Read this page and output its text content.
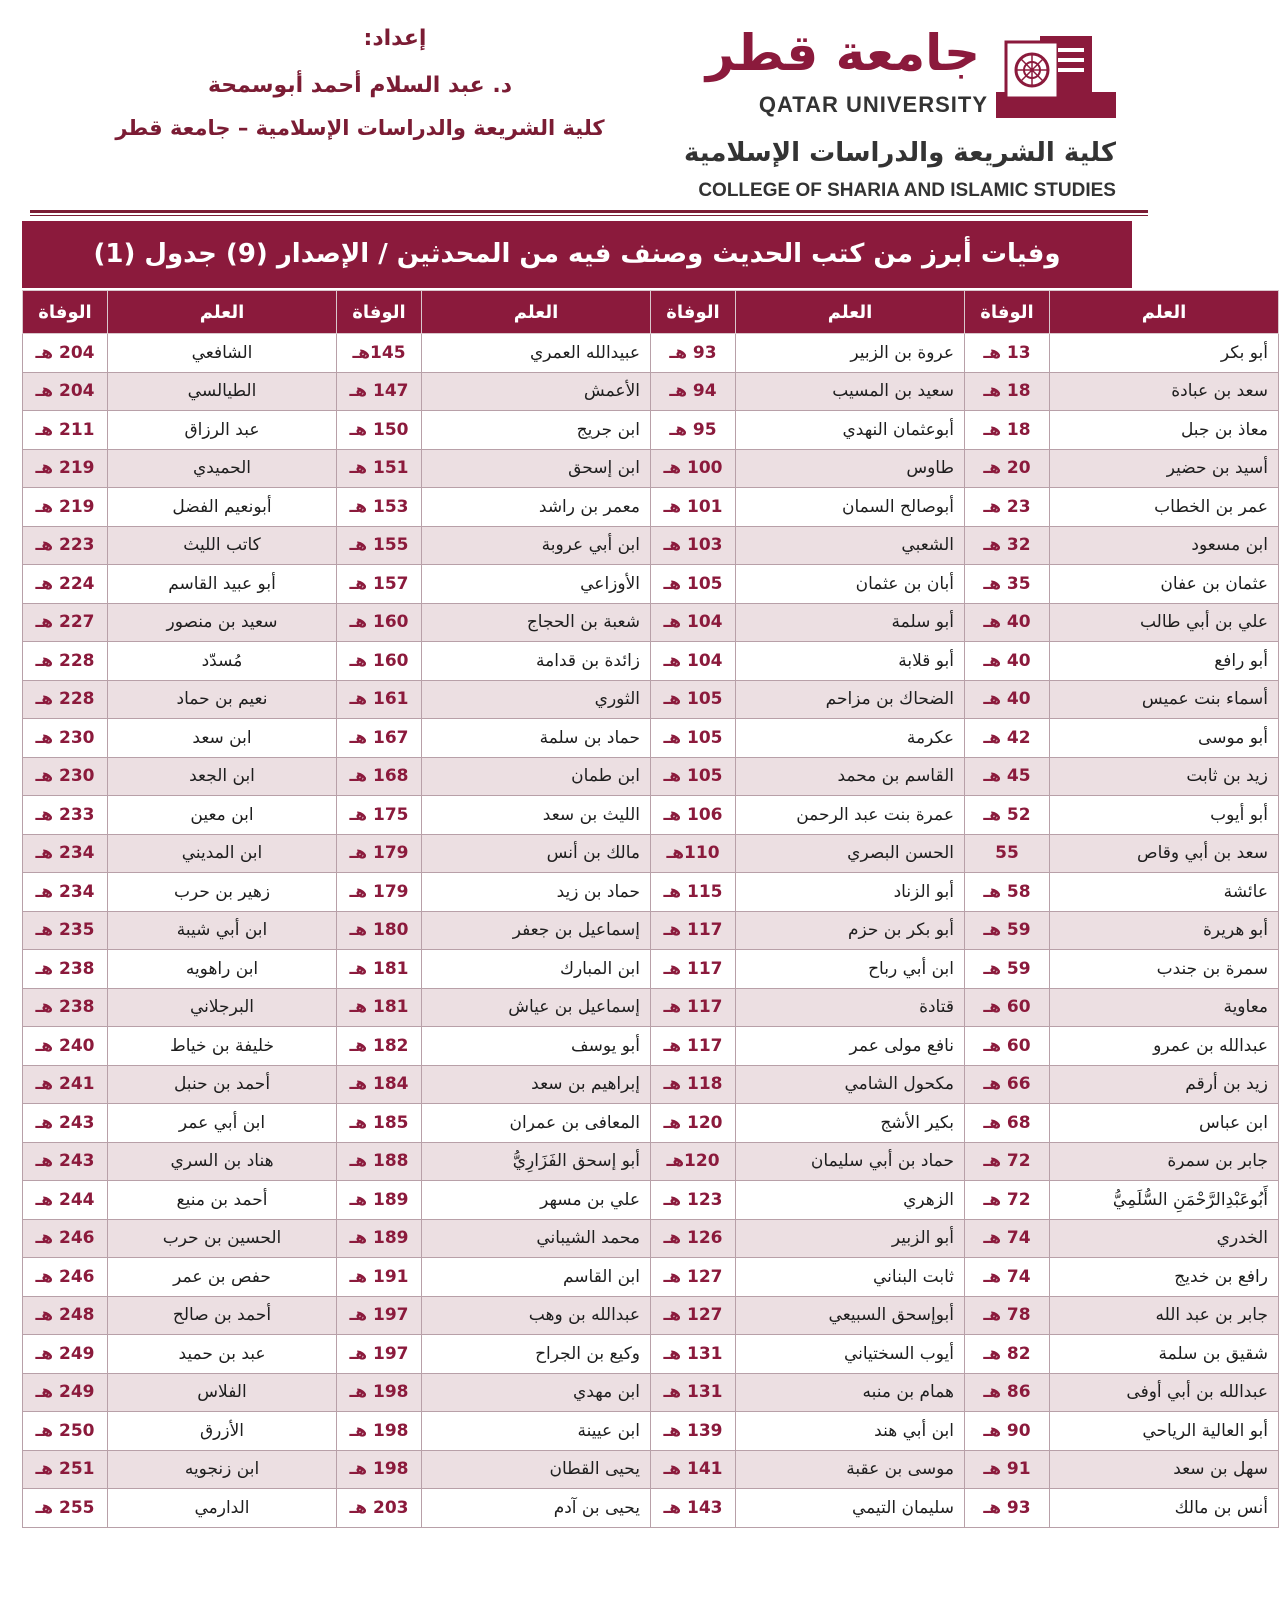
جامعة قطر
QATAR UNIVERSITY
كلية الشريعة والدراسات الإسلامية
COLLEGE OF SHARIA AND ISLAMIC STUDIES
إعداد:
د. عبد السلام أحمد أبوسمحة
كلية الشريعة والدراسات الإسلامية – جامعة قطر
وفيات أبرز من كتب الحديث وصنف فيه من المحدثين / الإصدار (9) جدول (1)
العلم	الوفاة	العلم	الوفاة	العلم	الوفاة	العلم	الوفاة
أبو بكر	13 هـ	عروة بن الزبير	93 هـ	عبيدالله العمري	145هـ	الشافعي	204 هـ
سعد بن عبادة	18 هـ	سعيد بن المسيب	94 هـ	الأعمش	147 هـ	الطيالسي	204 هـ
معاذ بن جبل	18 هـ	أبوعثمان النهدي	95 هـ	ابن جريج	150 هـ	عبد الرزاق	211 هـ
أسيد بن حضير	20 هـ	طاوس	100 هـ	ابن إسحق	151 هـ	الحميدي	219 هـ
عمر بن الخطاب	23 هـ	أبوصالح السمان	101 هـ	معمر بن راشد	153 هـ	أبونعيم الفضل	219 هـ
ابن مسعود	32 هـ	الشعبي	103 هـ	ابن أبي عروبة	155 هـ	كاتب الليث	223 هـ
عثمان بن عفان	35 هـ	أبان بن عثمان	105 هـ	الأوزاعي	157 هـ	أبو عبيد القاسم	224 هـ
علي بن أبي طالب	40 هـ	أبو سلمة	104 هـ	شعبة بن الحجاج	160 هـ	سعيد بن منصور	227 هـ
أبو رافع	40 هـ	أبو قلابة	104 هـ	زائدة بن قدامة	160 هـ	مُسدّد	228 هـ
أسماء بنت عميس	40 هـ	الضحاك بن مزاحم	105 هـ	الثوري	161 هـ	نعيم بن حماد	228 هـ
أبو موسى	42 هـ	عكرمة	105 هـ	حماد بن سلمة	167 هـ	ابن سعد	230 هـ
زيد بن ثابت	45 هـ	القاسم بن محمد	105 هـ	ابن طمان	168 هـ	ابن الجعد	230 هـ
أبو أيوب	52 هـ	عمرة بنت عبد الرحمن	106 هـ	الليث بن سعد	175 هـ	ابن معين	233 هـ
سعد بن أبي وقاص	55	الحسن البصري	110هـ	مالك بن أنس	179 هـ	ابن المديني	234 هـ
عائشة	58 هـ	أبو الزناد	115 هـ	حماد بن زيد	179 هـ	زهير بن حرب	234 هـ
أبو هريرة	59 هـ	أبو بكر بن حزم	117 هـ	إسماعيل بن جعفر	180 هـ	ابن أبي شيبة	235 هـ
سمرة بن جندب	59 هـ	ابن أبي رباح	117 هـ	ابن المبارك	181 هـ	ابن راهويه	238 هـ
معاوية	60 هـ	قتادة	117 هـ	إسماعيل بن عياش	181 هـ	البرجلاني	238 هـ
عبدالله بن عمرو	60 هـ	نافع مولى عمر	117 هـ	أبو يوسف	182 هـ	خليفة بن خياط	240 هـ
زيد بن أرقم	66 هـ	مكحول الشامي	118 هـ	إبراهيم بن سعد	184 هـ	أحمد بن حنبل	241 هـ
ابن عباس	68 هـ	بكير الأشج	120 هـ	المعافى بن عمران	185 هـ	ابن أبي عمر	243 هـ
جابر بن سمرة	72 هـ	حماد بن أبي سليمان	120هـ	أبو إسحق الفَزَارِيُّ	188 هـ	هناد بن السري	243 هـ
أَبُوعَبْدِالرَّحْمَنِ السُّلَمِيُّ	72 هـ	الزهري	123 هـ	علي بن مسهر	189 هـ	أحمد بن منيع	244 هـ
الخدري	74 هـ	أبو الزبير	126 هـ	محمد الشيباني	189 هـ	الحسين بن حرب	246 هـ
رافع بن خديج	74 هـ	ثابت البناني	127 هـ	ابن القاسم	191 هـ	حفص بن عمر	246 هـ
جابر بن عبد الله	78 هـ	أبوإسحق السبيعي	127 هـ	عبدالله بن وهب	197 هـ	أحمد بن صالح	248 هـ
شقيق بن سلمة	82 هـ	أيوب السختياني	131 هـ	وكيع بن الجراح	197 هـ	عبد بن حميد	249 هـ
عبدالله بن أبي أوفى	86 هـ	همام بن منبه	131 هـ	ابن مهدي	198 هـ	الفلاس	249 هـ
أبو العالية الرياحي	90 هـ	ابن أبي هند	139 هـ	ابن عيينة	198 هـ	الأزرق	250 هـ
سهل بن سعد	91 هـ	موسى بن عقبة	141 هـ	يحيى القطان	198 هـ	ابن زنجويه	251 هـ
أنس بن مالك	93 هـ	سليمان التيمي	143 هـ	يحيى بن آدم	203 هـ	الدارمي	255 هـ
